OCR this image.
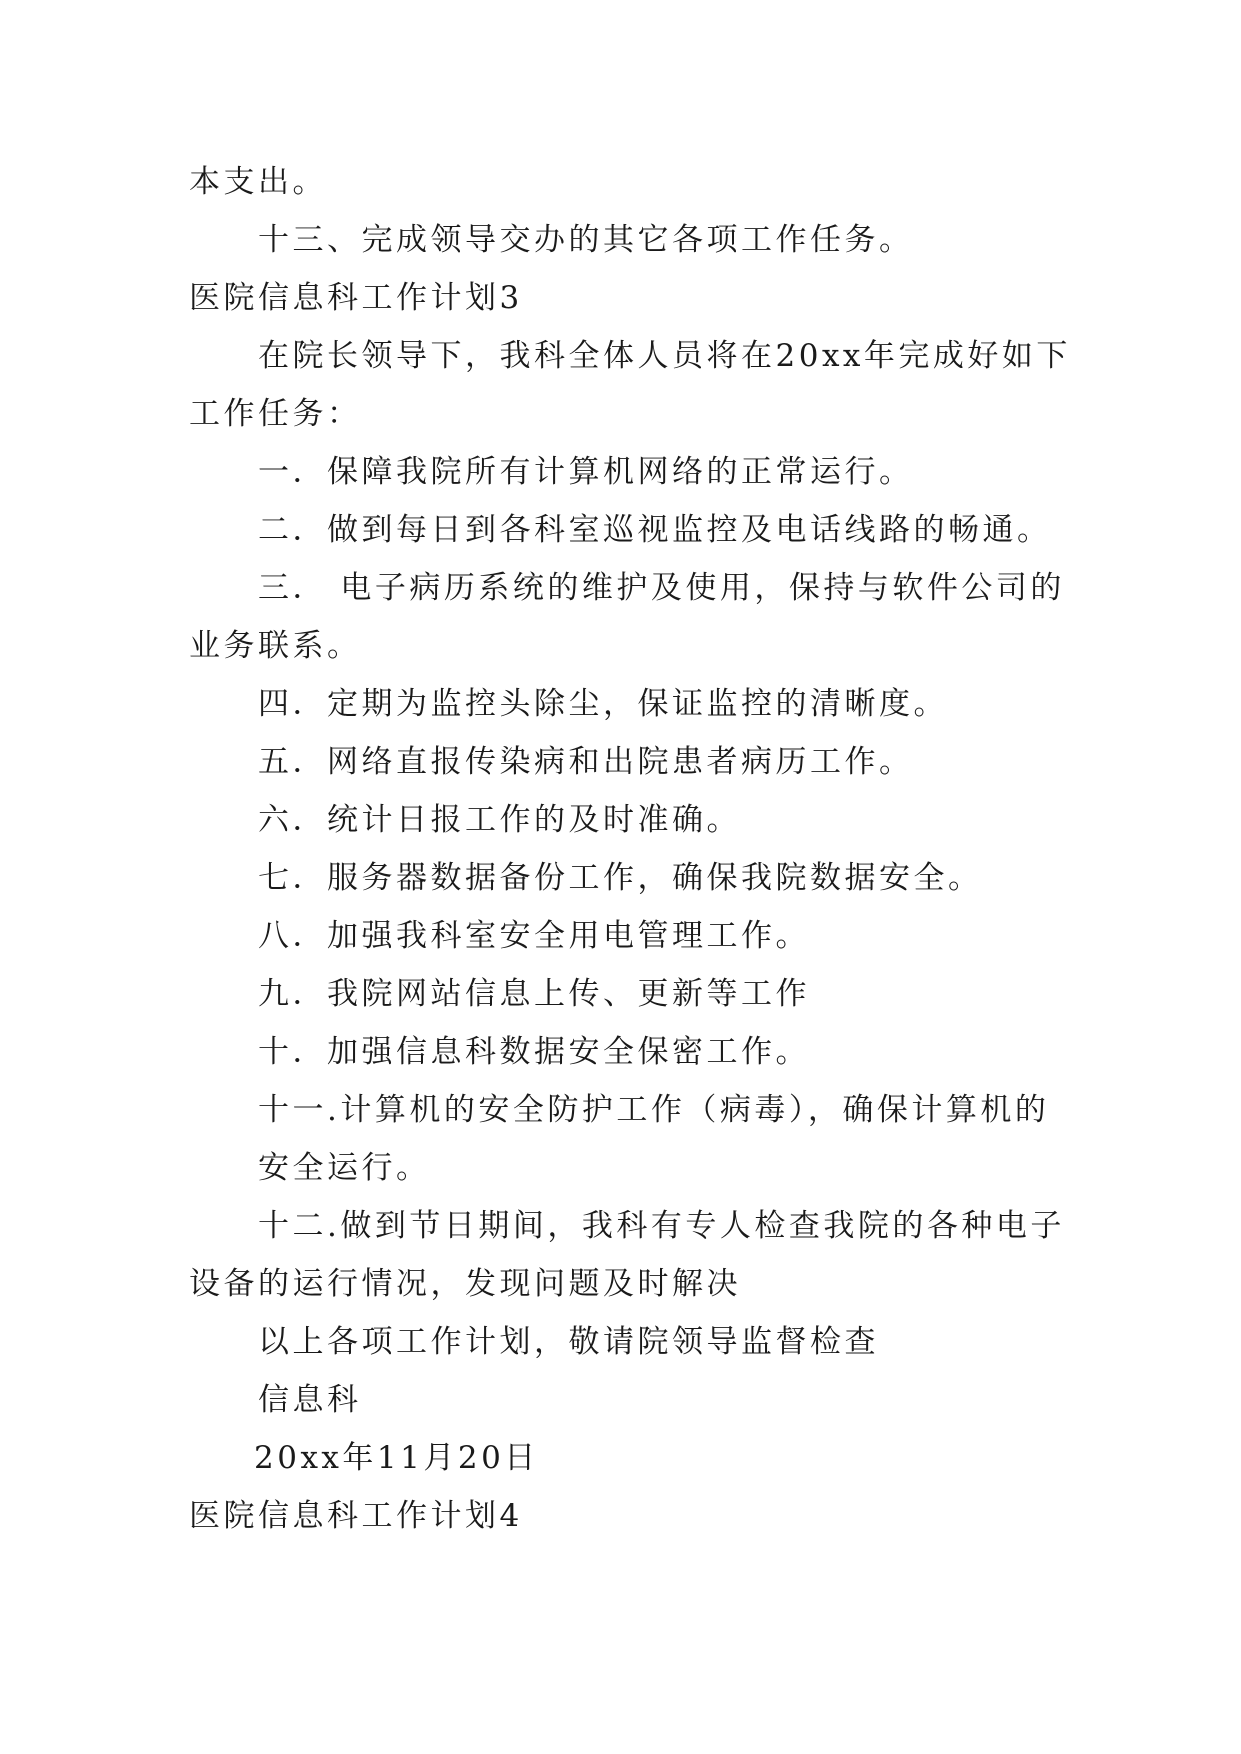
本支出。
十三、完成领导交办的其它各项工作任务。
医院信息科工作计划3
在院长领导下，我科全体人员将在20xx年完成好如下
工作任务：
一．保障我院所有计算机网络的正常运行。
二．做到每日到各科室巡视监控及电话线路的畅通。
三． 电子病历系统的维护及使用，保持与软件公司的
业务联系。
四．定期为监控头除尘，保证监控的清晰度。
五．网络直报传染病和出院患者病历工作。
六．统计日报工作的及时准确。
七．服务器数据备份工作，确保我院数据安全。
八．加强我科室安全用电管理工作。
九．我院网站信息上传、更新等工作
十．加强信息科数据安全保密工作。
十一.计算机的安全防护工作（病毒），确保计算机的
安全运行。
十二.做到节日期间，我科有专人检查我院的各种电子
设备的运行情况，发现问题及时解决
以上各项工作计划，敬请院领导监督检查
信息科
20xx年11月20日
医院信息科工作计划4
